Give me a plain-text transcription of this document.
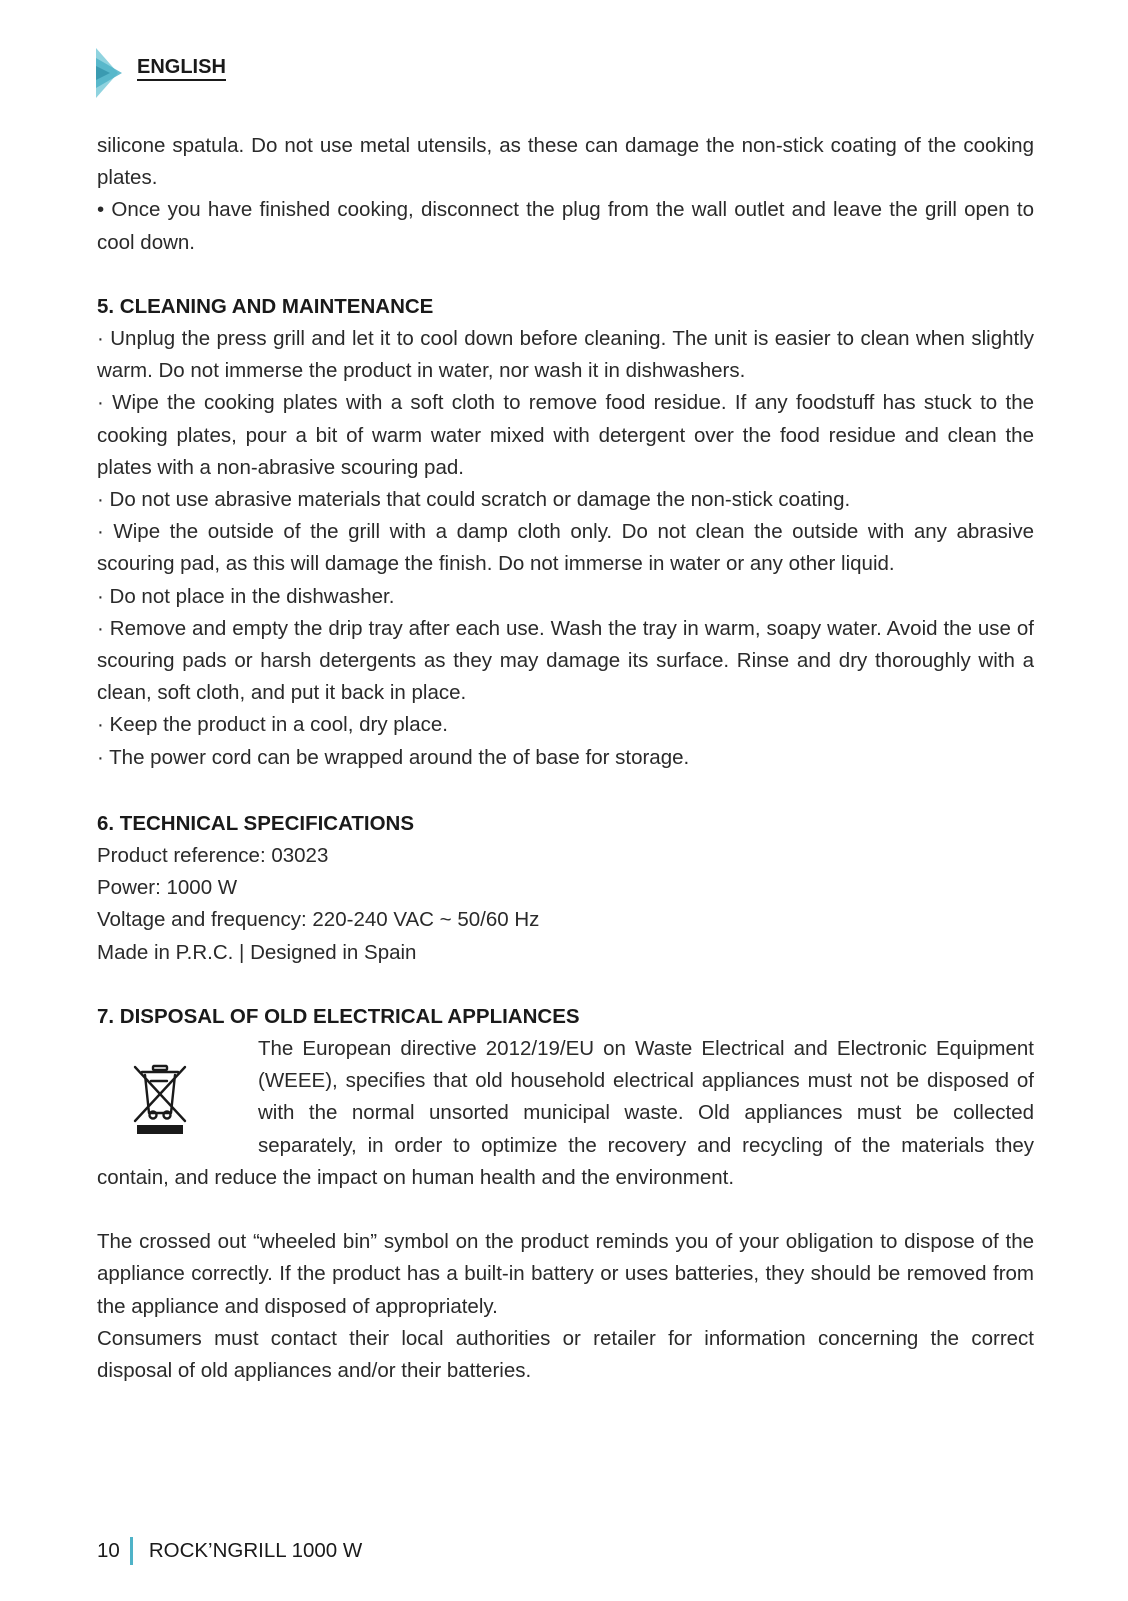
ENGLISH

silicone spatula. Do not use metal utensils, as these can damage the non-stick coating of the cooking plates.

• Once you have finished cooking, disconnect the plug from the wall outlet and leave the grill open to cool down.

5. CLEANING AND MAINTENANCE

· Unplug the press grill and let it to cool down before cleaning. The unit is easier to clean when slightly warm. Do not immerse the product in water, nor wash it in dishwashers.

· Wipe the cooking plates with a soft cloth to remove food residue. If any foodstuff has stuck to the cooking plates, pour a bit of warm water mixed with detergent over the food residue and clean the plates with a non-abrasive scouring pad.

· Do not use abrasive materials that could scratch or damage the non-stick coating.

· Wipe the outside of the grill with a damp cloth only. Do not clean the outside with any abrasive scouring pad, as this will damage the finish. Do not immerse in water or any other liquid.

· Do not place in the dishwasher.

· Remove and empty the drip tray after each use. Wash the tray in warm, soapy water. Avoid the use of scouring pads or harsh detergents as they may damage its surface. Rinse and dry thoroughly with a clean, soft cloth, and put it back in place.

· Keep the product in a cool, dry place.

· The power cord can be wrapped around the of base for storage.

6. TECHNICAL SPECIFICATIONS

Product reference: 03023

Power: 1000 W

Voltage and frequency: 220-240 VAC ~ 50/60 Hz

Made in P.R.C. | Designed in Spain

7. DISPOSAL OF OLD ELECTRICAL APPLIANCES

The European directive 2012/19/EU on Waste Electrical and Electronic Equipment (WEEE), specifies that old household electrical appliances must not be disposed of with the normal unsorted municipal waste. Old appliances must be collected separately, in order to optimize the recovery and recycling of the materials they contain, and reduce the impact on human health and the environment.

The crossed out “wheeled bin” symbol on the product reminds you of your obligation to dispose of the appliance correctly. If the product has a built-in battery or uses batteries, they should be removed from the appliance and disposed of appropriately.

Consumers must contact their local authorities or retailer for information concerning the correct disposal of old appliances and/or their batteries.

10 ROCK’NGRILL 1000 W
